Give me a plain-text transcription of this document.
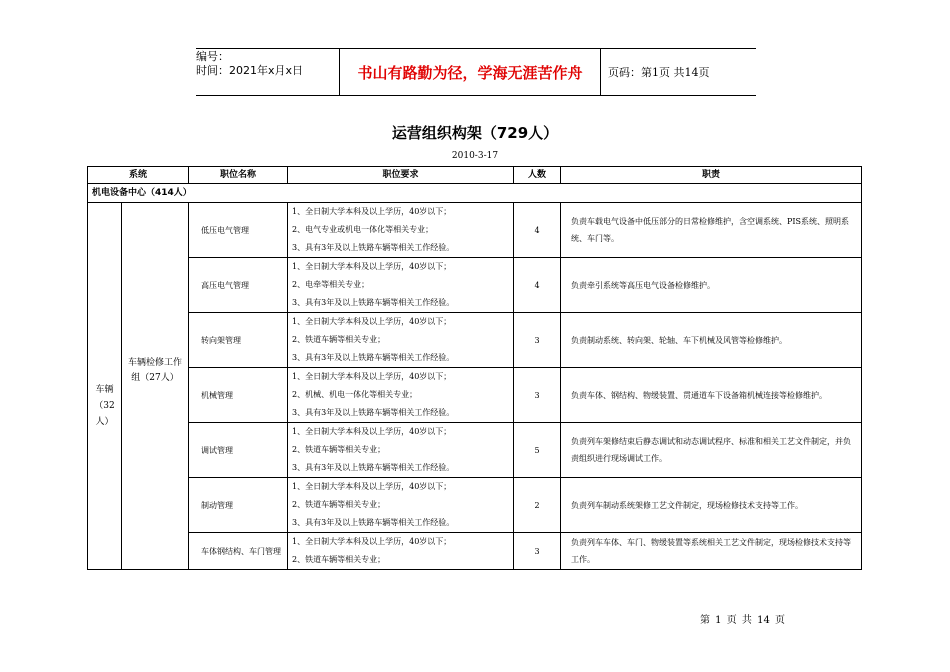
编号：
时间：2021年x月x日	书山有路勤为径，学海无涯苦作舟	页码：第1页 共14页
运营组织构架（729人）
2010-3-17
系统		职位名称	职位要求	人数	职责
机电设备中心（414人）					
车辆（32人）	车辆检修工作组（27人）	低压电气管理	1、全日制大学本科及以上学历，40岁以下；
2、电气专业或机电一体化等相关专业；
3、具有3年及以上铁路车辆等相关工作经验。	4	负责车载电气设备中低压部分的日常检修维护，含空调系统、PIS系统、照明系统、车门等。
		高压电气管理	1、全日制大学本科及以上学历，40岁以下；
2、电牵等相关专业；
3、具有3年及以上铁路车辆等相关工作经验。	4	负责牵引系统等高压电气设备检修维护。
		转向架管理	1、全日制大学本科及以上学历，40岁以下；
2、铁道车辆等相关专业；
3、具有3年及以上铁路车辆等相关工作经验。	3	负责制动系统、转向架、轮轴、车下机械及风管等检修维护。
		机械管理	1、全日制大学本科及以上学历，40岁以下；
2、机械、机电一体化等相关专业；
3、具有3年及以上铁路车辆等相关工作经验。	3	负责车体、钢结构、物缓装置、贯通道车下设备箱机械连接等检修维护。
		调试管理	1、全日制大学本科及以上学历，40岁以下；
2、铁道车辆等相关专业；
3、具有3年及以上铁路车辆等相关工作经验。	5	负责列车架修结束后静态调试和动态调试程序、标准和相关工艺文件制定，并负责组织进行现场调试工作。
		制动管理	1、全日制大学本科及以上学历，40岁以下；
2、铁道车辆等相关专业；
3、具有3年及以上铁路车辆等相关工作经验。	2	负责列车制动系统架修工艺文件制定，现场检修技术支持等工作。
		车体钢结构、车门管理	1、全日制大学本科及以上学历，40岁以下；
2、铁道车辆等相关专业；	3	负责列车车体、车门、物缓装置等系统相关工艺文件制定，现场检修技术支持等工作。
第 1 页 共 14 页
